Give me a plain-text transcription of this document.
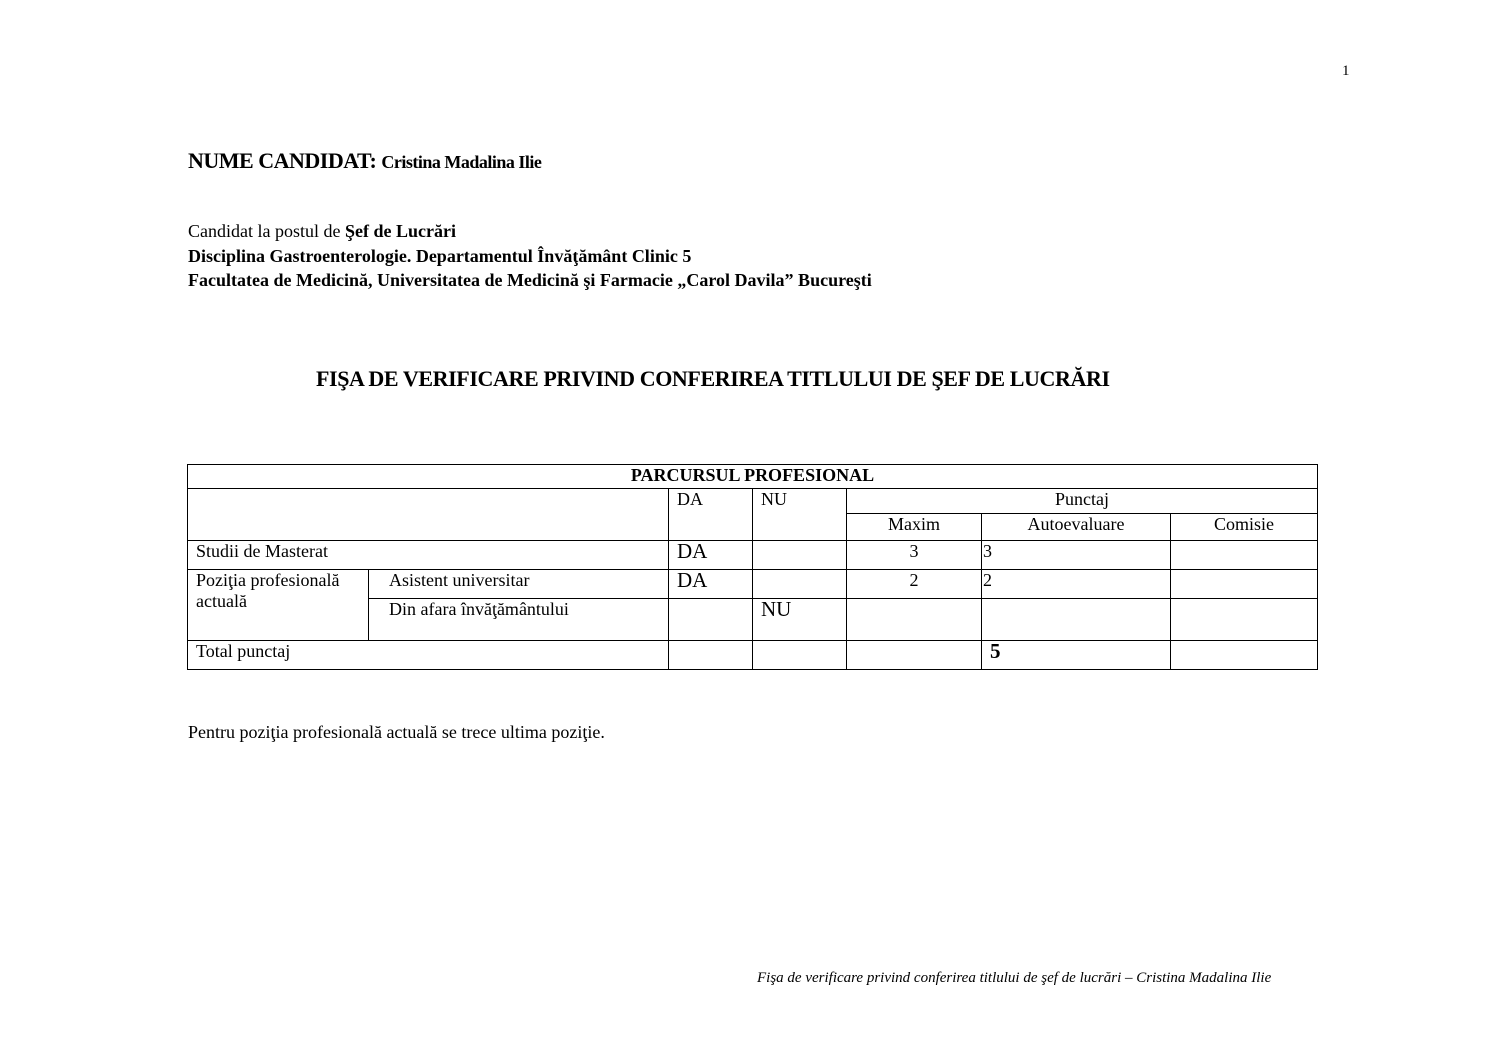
1
NUME CANDIDAT: Cristina Madalina Ilie
Candidat la postul de Şef de Lucrări
Disciplina Gastroenterologie. Departamentul Învăţământ Clinic 5
Facultatea de Medicină, Universitatea de Medicină şi Farmacie „Carol Davila” Bucureşti
FIŞA DE VERIFICARE PRIVIND CONFERIREA TITLULUI DE ŞEF DE LUCRĂRI
PARCURSUL PROFESIONAL						
		DA	NU	Punctaj		
				Maxim	Autoevaluare	Comisie
Studii de Masterat		DA		3	3	
Poziţia profesională actuală	Asistent universitar	DA		2	2	
	Din afara învăţământului		NU			
Total punctaj					5	
Pentru poziţia profesională actuală se trece ultima poziţie.
Fişa de verificare privind conferirea titlului de şef de lucrări – Cristina Madalina Ilie
